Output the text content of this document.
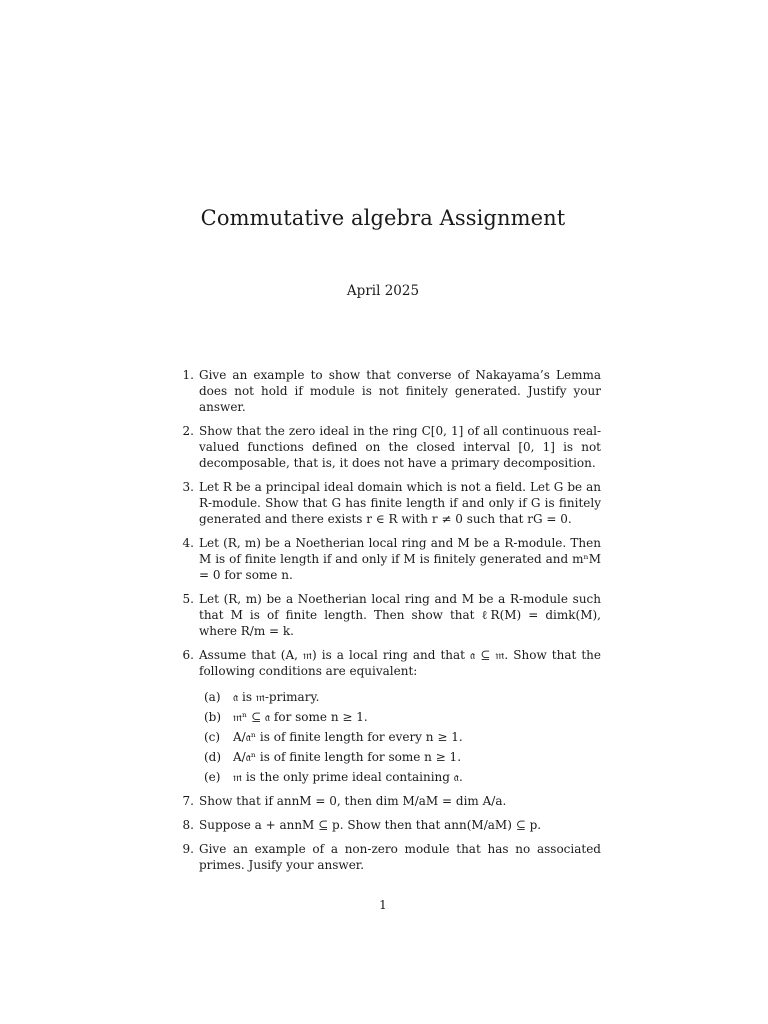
Commutative algebra Assignment
April 2025
1. Give an example to show that converse of Nakayama’s Lemma does not hold if module is not finitely generated. Justify your answer.
2. Show that the zero ideal in the ring C[0, 1] of all continuous real-valued functions defined on the closed interval [0, 1] is not decomposable, that is, it does not have a primary decomposition.
3. Let R be a principal ideal domain which is not a field. Let G be an R-module. Show that G has finite length if and only if G is finitely generated and there exists r ∈ R with r ≠ 0 such that rG = 0.
4. Let (R, m) be a Noetherian local ring and M be a R-module. Then M is of finite length if and only if M is finitely generated and mⁿM = 0 for some n.
5. Let (R, m) be a Noetherian local ring and M be a R-module such that M is of finite length. Then show that ℓR(M) = dimk(M), where R/m = k.
6. Assume that (A, 𝔪) is a local ring and that 𝔞 ⊆ 𝔪. Show that the following conditions are equivalent:
(a) 𝔞 is 𝔪-primary.
(b) 𝔪ⁿ ⊆ 𝔞 for some n ≥ 1.
(c) A/𝔞ⁿ is of finite length for every n ≥ 1.
(d) A/𝔞ⁿ is of finite length for some n ≥ 1.
(e) 𝔪 is the only prime ideal containing 𝔞.
7. Show that if annM = 0, then dim M/aM = dim A/a.
8. Suppose a + annM ⊆ p. Show then that ann(M/aM) ⊆ p.
9. Give an example of a non-zero module that has no associated primes. Jusify your answer.
1
